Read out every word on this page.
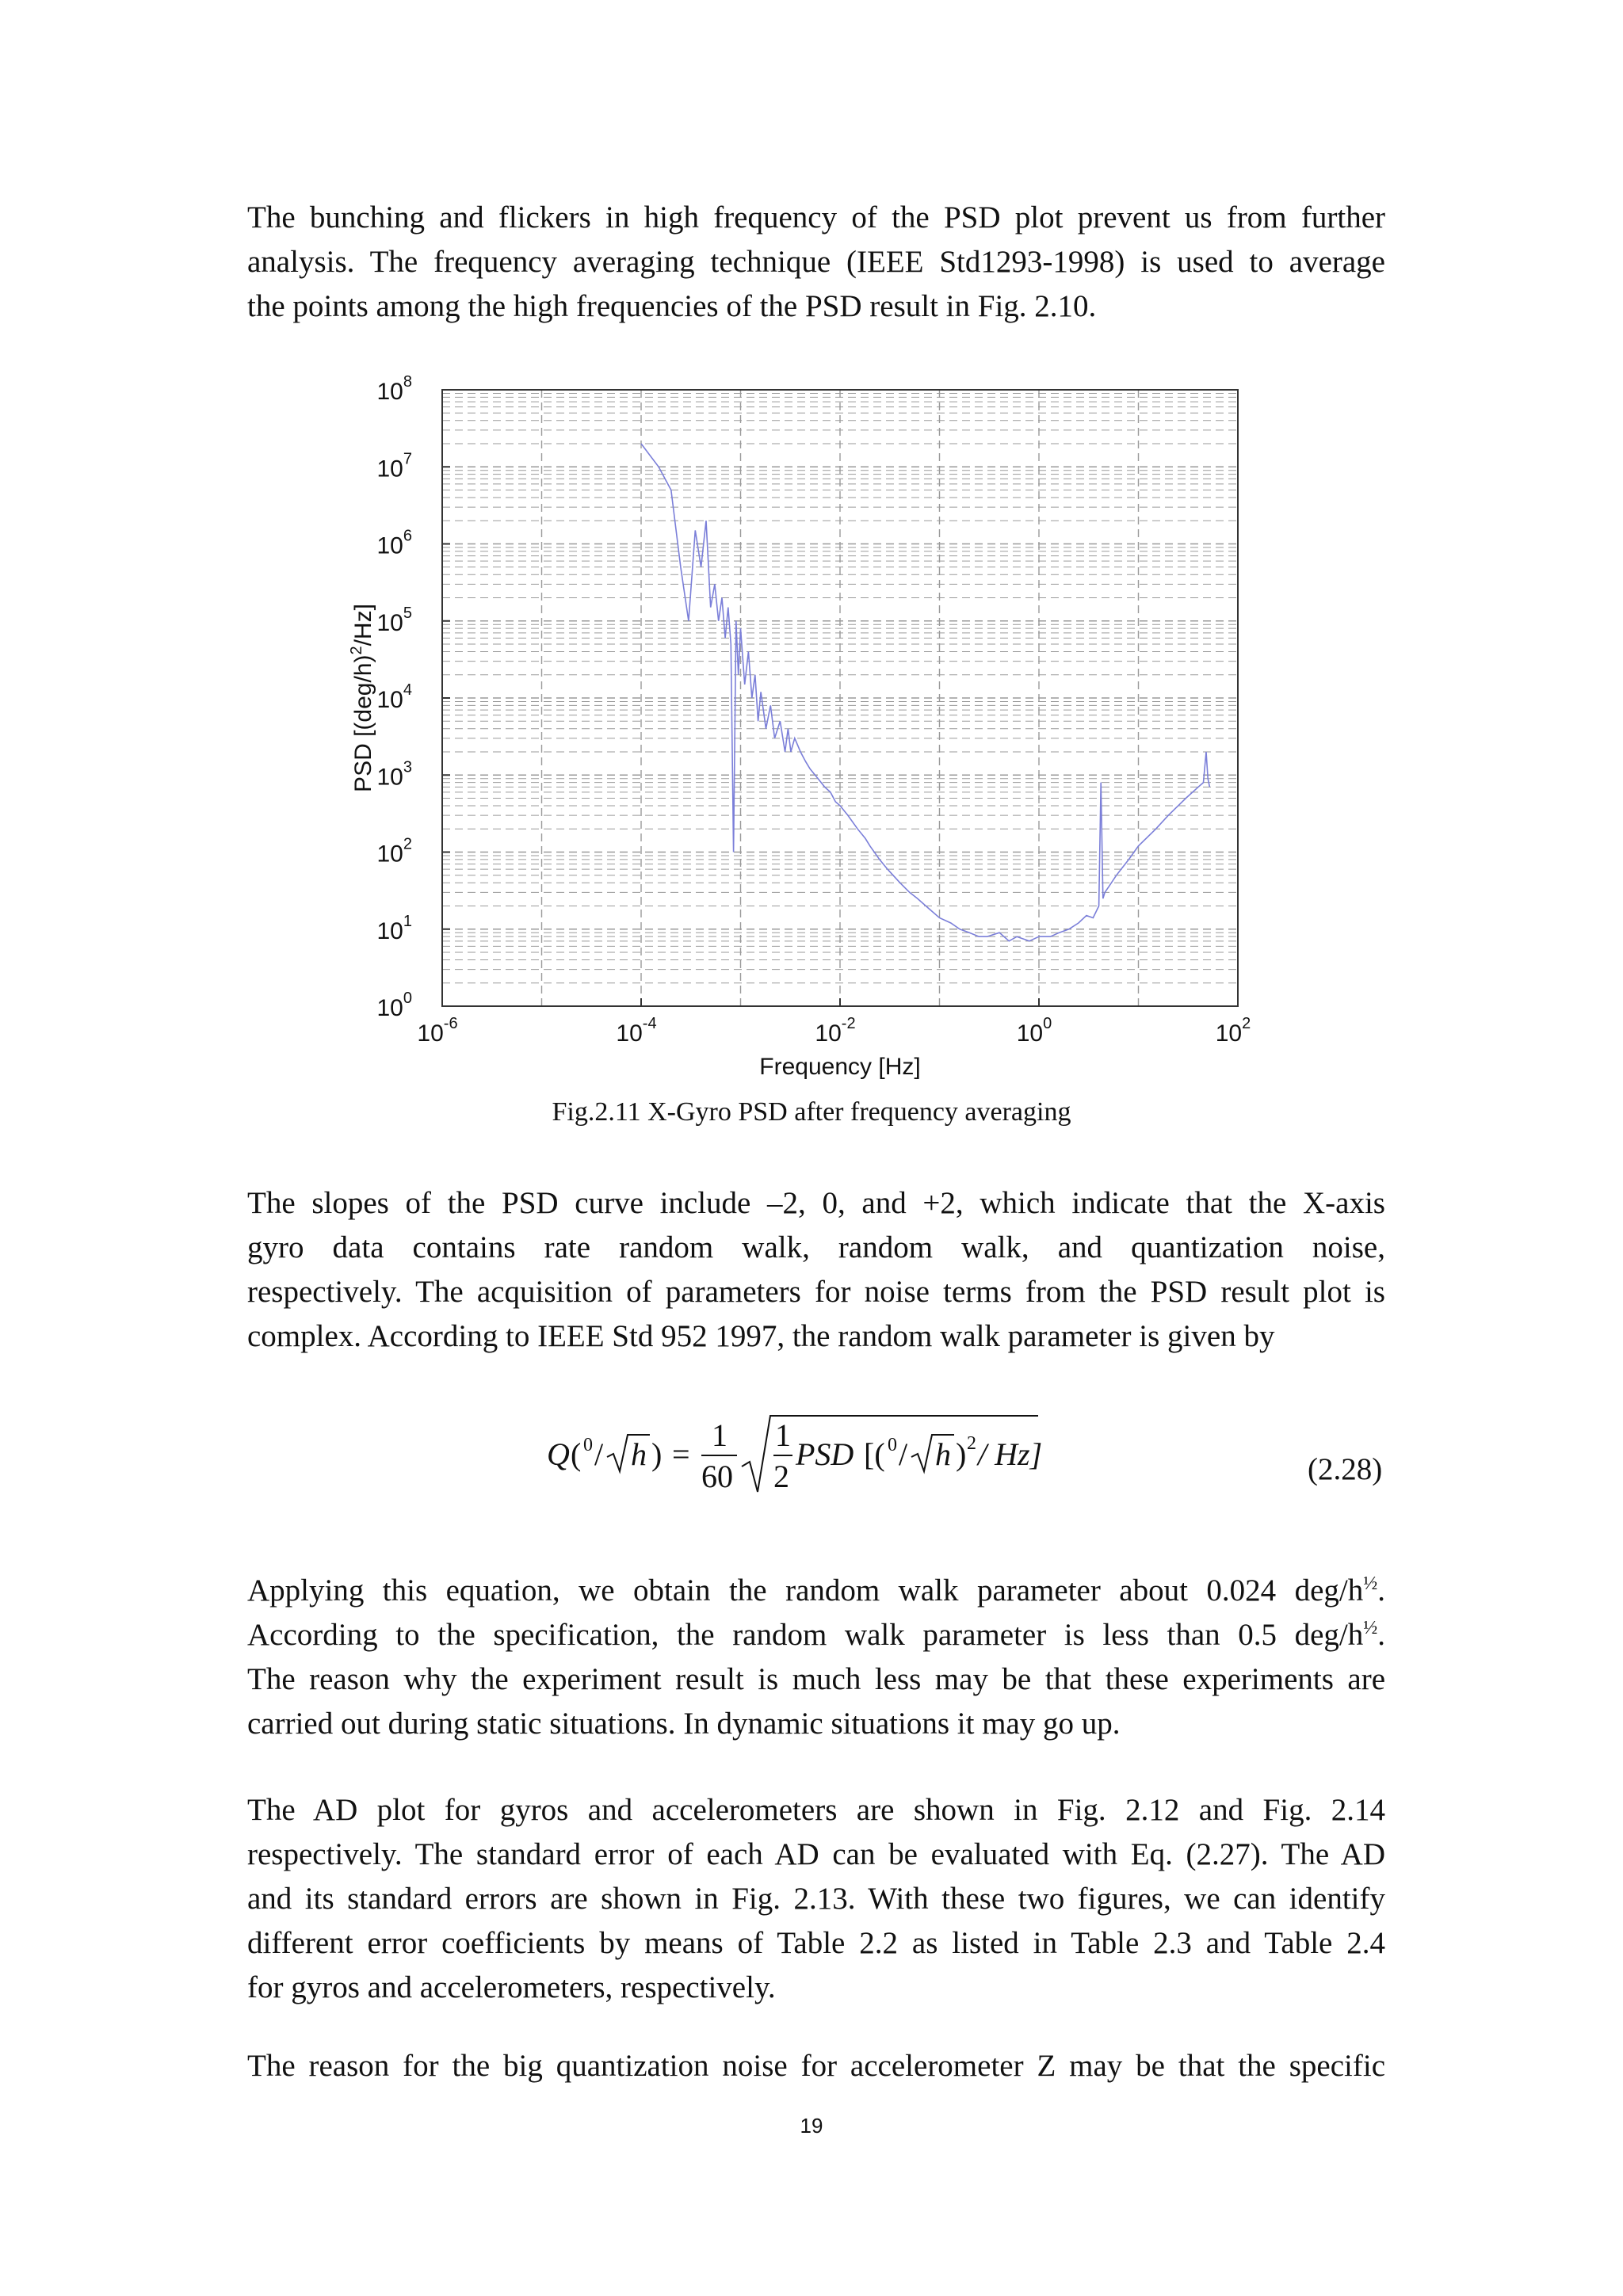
The bunching and flickers in high frequency of the PSD plot prevent us from further
analysis. The frequency averaging technique (IEEE Std1293-1998) is used to average
the points among the high frequencies of the PSD result in Fig. 2.10.
$10^{-6}$	$10^{-4}$	$10^{-2}$	$10^0$	$10^2$
$10^0$
$10^1$
$10^2$
$10^3$
$10^4$
$10^5$
$10^6$
$10^7$
$10^8$
Frequency [Hz]
PSD $[(deg/h)^2/Hz]$
Fig.2.11 X-Gyro PSD after frequency averaging
The slopes of the PSD curve include –2, 0, and +2, which indicate that the X-axis
gyro data contains rate random walk, random walk, and quantization noise,
respectively. The acquisition of parameters for noise terms from the PSD result plot is
complex. According to IEEE Std 952 1997, the random walk parameter is given by
Q ( 0 / h ) =
1
60
1
2
PSD [( 0 / h ) 2 / Hz]	(2.28)
Applying this equation, we obtain the random walk parameter about 0.024 deg/$h^{\frac{1}{2}}$.
According to the specification, the random walk parameter is less than 0.5 deg/$h^{\frac{1}{2}}$.
The reason why the experiment result is much less may be that these experiments are
carried out during static situations. In dynamic situations it may go up.
The AD plot for gyros and accelerometers are shown in Fig. 2.12 and Fig. 2.14
respectively. The standard error of each AD can be evaluated with Eq. (2.27). The AD
and its standard errors are shown in Fig. 2.13. With these two figures, we can identify
different error coefficients by means of Table 2.2 as listed in Table 2.3 and Table 2.4
for gyros and accelerometers, respectively.
The reason for the big quantization noise for accelerometer Z may be that the specific
19
